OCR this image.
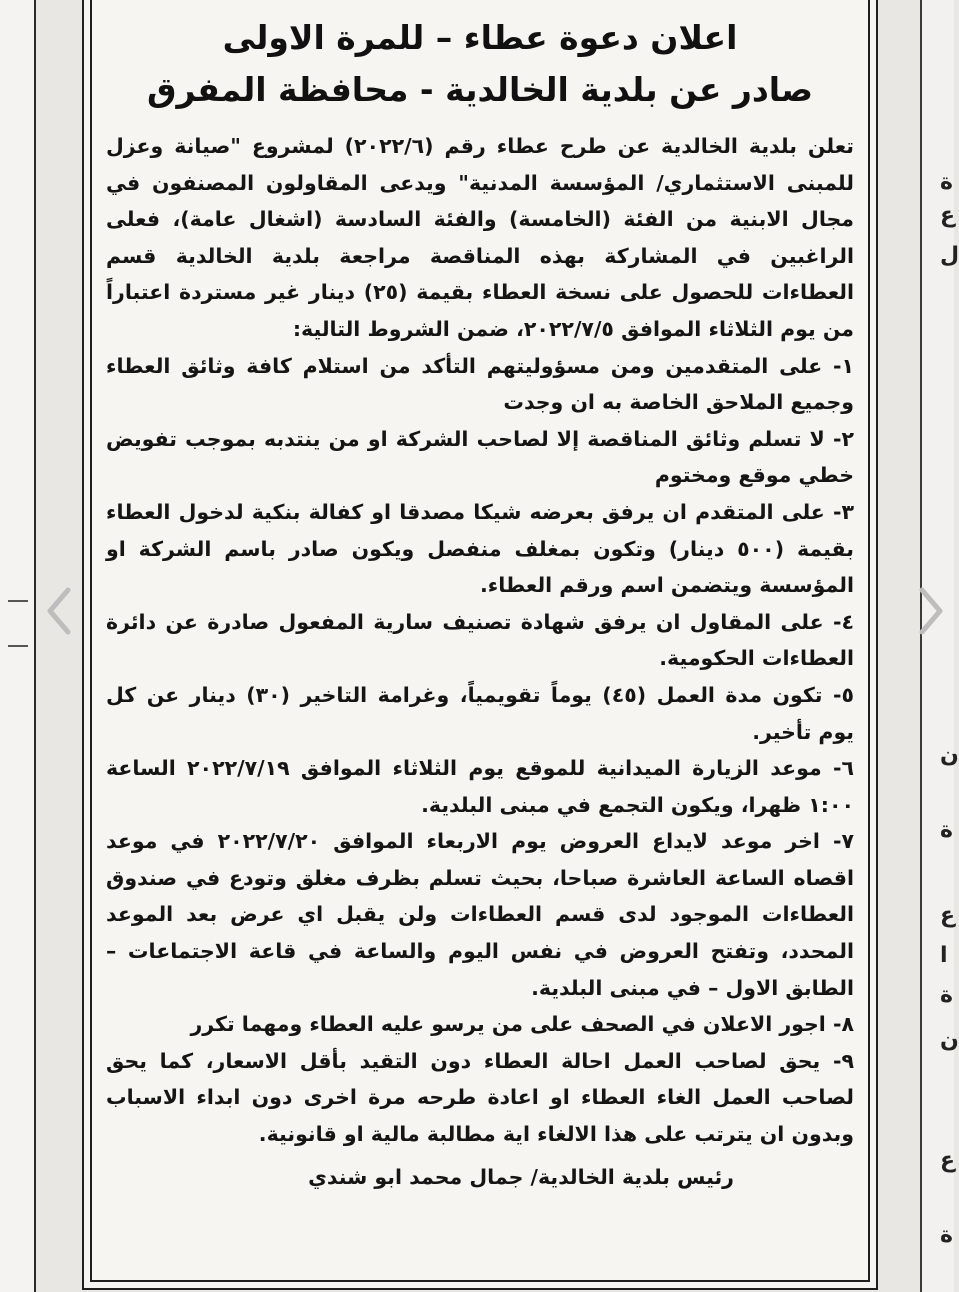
ة
ع
ل
ن
ة
ع
ا
ة
ن
ع
ة
اعلان دعوة عطاء – للمرة الاولى
صادر عن بلدية الخالدية - محافظة المفرق

تعلن بلدية الخالدية عن طرح عطاء رقم (٢٠٢٢/٦) لمشروع "صيانة وعزل للمبنى الاستثماري/ المؤسسة المدنية" ويدعى المقاولون المصنفون في مجال الابنية من الفئة (الخامسة) والفئة السادسة (اشغال عامة)، فعلى الراغبين في المشاركة بهذه المناقصة مراجعة بلدية الخالدية قسم العطاءات للحصول على نسخة العطاء بقيمة (٢٥) دينار غير مستردة اعتباراً من يوم الثلاثاء الموافق ٢٠٢٢/٧/٥، ضمن الشروط التالية:

١- على المتقدمين ومن مسؤوليتهم التأكد من استلام كافة وثائق العطاء وجميع الملاحق الخاصة به ان وجدت

٢- لا تسلم وثائق المناقصة إلا لصاحب الشركة او من ينتدبه بموجب تفويض خطي موقع ومختوم

٣- على المتقدم ان يرفق بعرضه شيكا مصدقا او كفالة بنكية لدخول العطاء بقيمة (٥٠٠ دينار) وتكون بمغلف منفصل ويكون صادر باسم الشركة او المؤسسة ويتضمن اسم ورقم العطاء.

٤- على المقاول ان يرفق شهادة تصنيف سارية المفعول صادرة عن دائرة العطاءات الحكومية.

٥- تكون مدة العمل (٤٥) يوماً تقويمياً، وغرامة التاخير (٣٠) دينار عن كل يوم تأخير.

٦- موعد الزيارة الميدانية للموقع يوم الثلاثاء الموافق ٢٠٢٢/٧/١٩ الساعة ١:٠٠ ظهرا، ويكون التجمع في مبنى البلدية.

٧- اخر موعد لايداع العروض يوم الاربعاء الموافق ٢٠٢٢/٧/٢٠ في موعد اقصاه الساعة العاشرة صباحا، بحيث تسلم بظرف مغلق وتودع في صندوق العطاءات الموجود لدى قسم العطاءات ولن يقبل اي عرض بعد الموعد المحدد، وتفتح العروض في نفس اليوم والساعة في قاعة الاجتماعات – الطابق الاول – في مبنى البلدية.

٨- اجور الاعلان في الصحف على من يرسو عليه العطاء ومهما تكرر

٩- يحق لصاحب العمل احالة العطاء دون التقيد بأقل الاسعار، كما يحق لصاحب العمل الغاء العطاء او اعادة طرحه مرة اخرى دون ابداء الاسباب وبدون ان يترتب على هذا الالغاء اية مطالبة مالية او قانونية.

رئيس بلدية الخالدية/ جمال محمد ابو شندي
